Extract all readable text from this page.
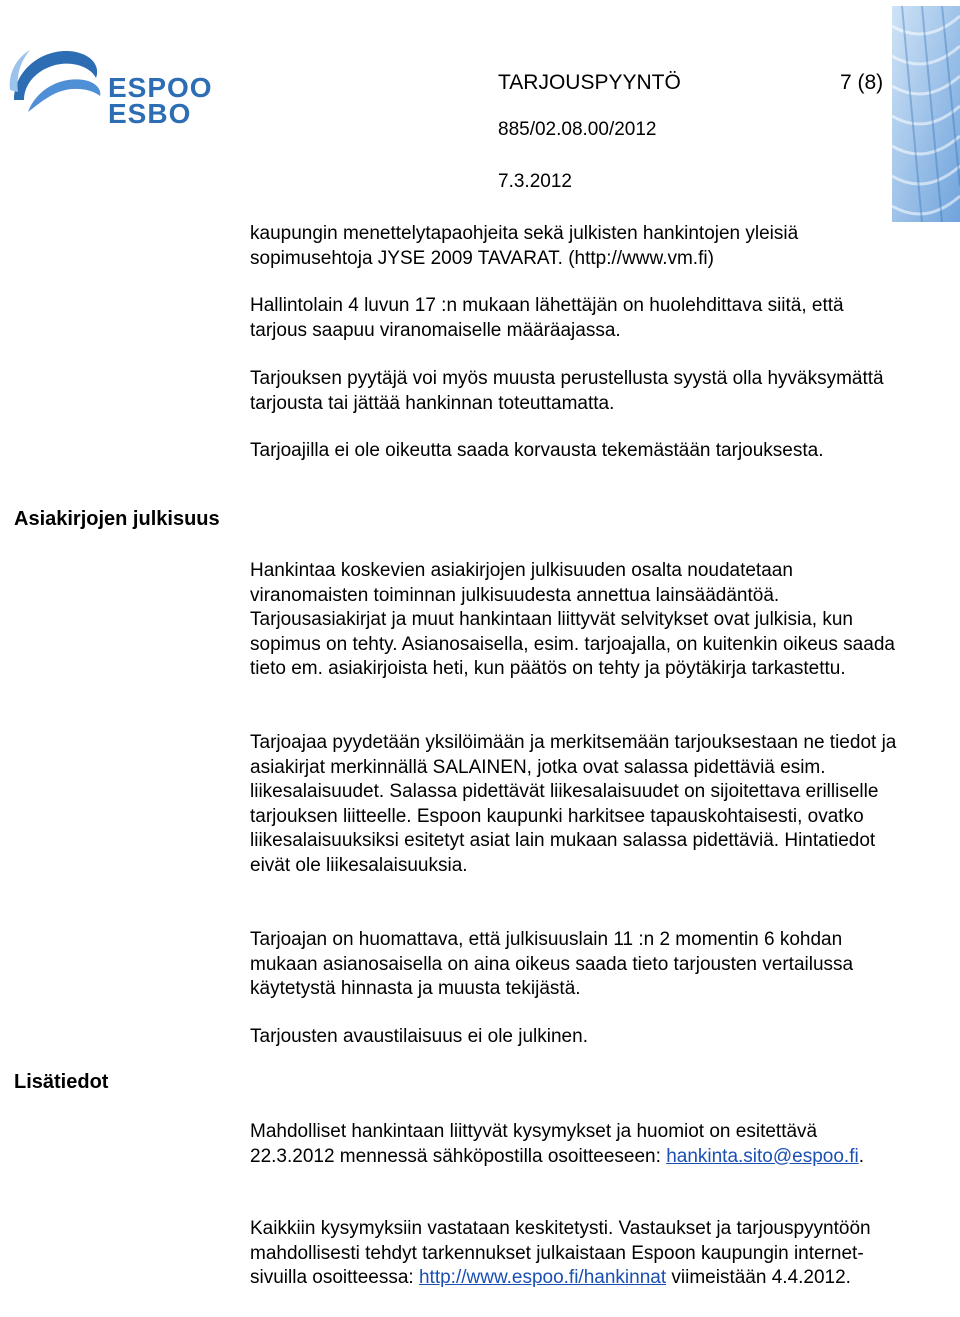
ESPOO
ESBO
TARJOUSPYYNTÖ	7 (8)
885/02.08.00/2012
7.3.2012
Asiakirjojen julkisuus
Lisätiedot

kaupungin menettelytapaohjeita sekä julkisten hankintojen yleisiä sopimusehtoja JYSE 2009 TAVARAT. (http://www.vm.fi)

Hallintolain 4 luvun 17 :n mukaan lähettäjän on huolehdittava siitä, että tarjous saapuu viranomaiselle määräajassa.

Tarjouksen pyytäjä voi myös muusta perustellusta syystä olla hyväksymättä tarjousta tai jättää hankinnan toteuttamatta.

Tarjoajilla ei ole oikeutta saada korvausta tekemästään tarjouksesta.

Hankintaa koskevien asiakirjojen julkisuuden osalta noudatetaan viranomaisten toiminnan julkisuudesta annettua lainsäädäntöä. Tarjousasiakirjat ja muut hankintaan liittyvät selvitykset ovat julkisia, kun sopimus on tehty. Asianosaisella, esim. tarjoajalla, on kuitenkin oikeus saada tieto em. asiakirjoista heti, kun päätös on tehty ja pöytäkirja tarkastettu.

Tarjoajaa pyydetään yksilöimään ja merkitsemään tarjouksestaan ne tiedot ja asiakirjat merkinnällä SALAINEN, jotka ovat salassa pidettäviä esim. liikesalaisuudet. Salassa pidettävät liikesalaisuudet on sijoitettava erilliselle tarjouksen liitteelle. Espoon kaupunki harkitsee tapauskohtaisesti, ovatko liikesalaisuuksiksi esitetyt asiat lain mukaan salassa pidettäviä. Hintatiedot eivät ole liikesalaisuuksia.

Tarjoajan on huomattava, että julkisuuslain 11 :n 2 momentin 6 kohdan mukaan asianosaisella on aina oikeus saada tieto tarjousten vertailussa käytetystä hinnasta ja muusta tekijästä.

Tarjousten avaustilaisuus ei ole julkinen.

Mahdolliset hankintaan liittyvät kysymykset ja huomiot on esitettävä 22.3.2012 mennessä sähköpostilla osoitteeseen: hankinta.sito@espoo.fi.

Kaikkiin kysymyksiin vastataan keskitetysti. Vastaukset ja tarjouspyyntöön mahdollisesti tehdyt tarkennukset julkaistaan Espoon kaupungin internet-sivuilla osoitteessa: http://www.espoo.fi/hankinnat viimeistään 4.4.2012.
